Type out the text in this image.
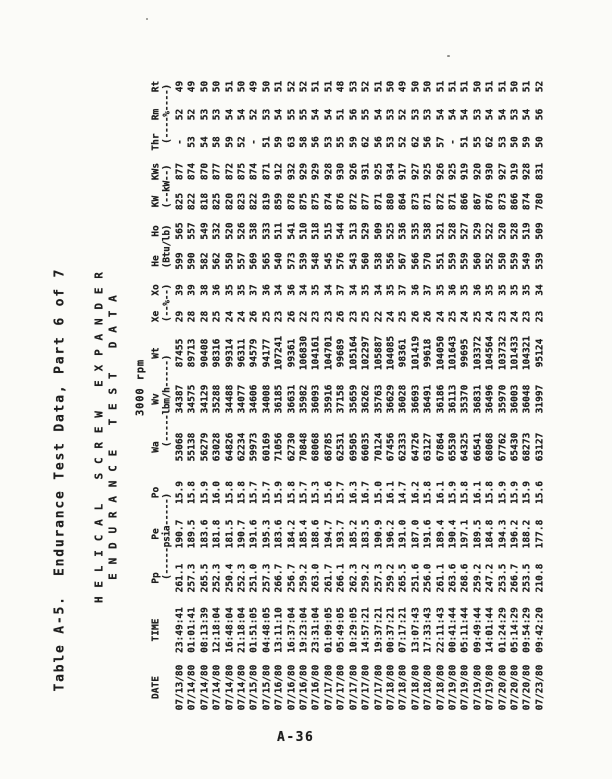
Table A-5.  Endurance Test Data, Part 6 of 7 H E L I C A L   S C R E W   E X P A N D E R
E N D U R A N C E   T E S T   D A T A 3000 rpm
DATE	TIME	Pp	Pe	Po	Wa	Wv	Wt	Xe	Xo	He	Ho	KW	KWs	Thr	Rm	Rt
		(-----psia-----)			(-----lbm/h-----)			(--%--)		(Btu/lb)		(--kW--)		(----%----)		
07/13/80	23:49:41	261.1	190.7	15.9	53068	34387	87455	29	39	599	565	825	877	-	52	49
07/14/80	01:01:41	257.3	189.5	15.8	55138	34575	89713	28	39	590	557	822	874	53	52	49
07/14/80	08:13:39	265.5	183.6	15.9	56279	34129	90408	28	38	582	549	818	870	54	53	50
07/14/80	12:18:04	252.3	181.8	16.0	63028	35288	98316	25	36	562	532	825	877	58	53	50
07/14/80	16:48:04	250.4	181.5	15.8	64826	34488	99314	24	35	550	520	820	872	59	54	51
07/14/80	21:18:04	252.3	190.7	15.8	62234	34077	96311	24	35	557	526	823	875	52	54	50
07/15/80	01:51:05	251.0	191.6	15.7	59973	34606	94579	26	37	569	538	822	874	-	52	49
07/15/80	04:48:05	257.3	195.3	15.7	60169	34008	94177	25	36	565	533	819	871	51	53	50
07/16/80	13:11:10	266.7	183.6	15.9	71056	36185	107241	23	34	540	511	859	912	59	54	51
07/16/80	16:37:04	256.7	184.2	15.8	62730	36631	99361	26	36	573	541	878	932	63	55	52
07/16/80	19:23:04	259.2	185.4	15.7	70848	35982	106830	22	34	539	510	875	929	58	55	52
07/16/80	23:31:04	263.0	188.6	15.3	68068	36093	104161	23	35	548	518	875	929	56	54	51
07/17/80	01:09:05	261.7	194.7	15.6	68785	35916	104701	23	34	545	515	874	928	53	54	51
07/17/80	05:49:05	266.1	193.7	15.7	62531	37158	99689	26	37	576	544	876	930	55	51	48
07/17/80	10:29:05	262.3	185.2	16.3	69505	35659	105164	23	34	543	513	872	926	59	56	53
07/17/80	14:57:21	259.2	183.5	16.7	66035	36262	102297	25	35	560	529	877	931	62	55	52
07/17/80	19:37:21	257.3	190.9	15.0	70124	35763	105887	22	34	538	509	871	925	56	54	51
07/18/80	00:37:21	259.2	196.2	16.1	67456	36629	104085	24	35	556	525	880	934	53	53	50
07/18/80	07:17:21	265.5	191.0	14.7	62333	36028	98361	25	37	567	536	864	917	52	52	49
07/18/80	13:07:43	251.6	187.0	16.2	64726	36693	101419	26	36	566	535	873	927	62	53	50
07/18/80	17:33:43	256.0	191.6	15.8	63127	36491	99618	26	37	570	538	871	925	56	53	50
07/18/80	22:11:43	261.1	189.4	16.1	67864	36186	104050	24	35	551	521	872	926	57	54	51
07/19/80	00:41:44	263.6	190.4	15.9	65530	36113	101643	25	36	559	528	871	925	-	54	51
07/19/80	05:11:44	268.6	197.1	15.8	64325	35370	99695	24	35	559	527	866	919	51	54	51
07/19/80	09:49:44	259.2	189.5	16.1	66541	36831	103372	25	36	560	529	867	920	55	53	50
07/19/80	14:01:44	247.2	184.8	15.8	68068	36496	104564	24	35	552	522	876	930	62	54	51
07/20/80	01:24:29	253.5	194.3	15.9	67762	35970	103732	23	35	550	520	873	927	53	54	51
07/20/80	05:14:29	266.7	196.2	15.9	65430	36003	101433	24	35	559	528	866	919	50	53	50
07/20/80	09:54:29	253.5	188.2	15.9	68273	36048	104321	23	35	549	519	874	928	59	54	51
07/23/80	09:42:20	210.8	177.8	15.6	63127	31997	95124	23	34	539	509	780	831	50	56	52
A-36
